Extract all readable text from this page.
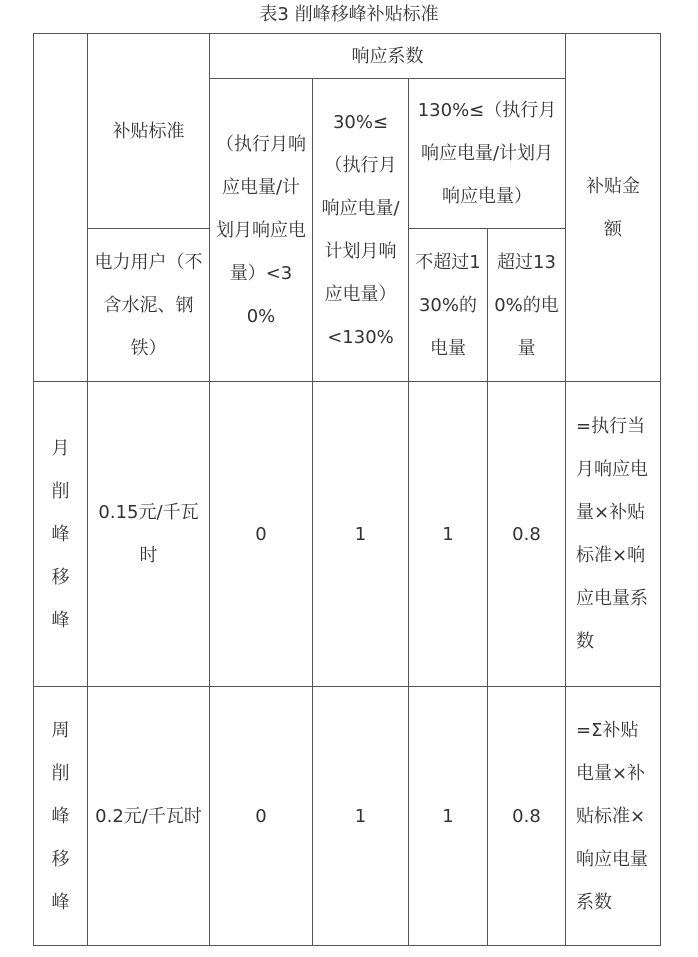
表3 削峰移峰补贴标准
	补贴标准	响应系数				补贴金额

		（执行月响应电量/计划月响应电量）<30%	30%≤（执行月响应电量/计划月响应电量）<130%	130%≤（执行月响应电量/计划月响应电量）		
	电力用户（不含水泥、钢铁）			不超过130%的电量	超过130%的电量	
月削峰移峰	0.15元/千瓦时	0	1	1	0.8	=执行当月响应电量×补贴标准×响应电量系数
周削峰移峰	0.2元/千瓦时	0	1	1	0.8	=Σ补贴电量×补贴标准×响应电量系数
